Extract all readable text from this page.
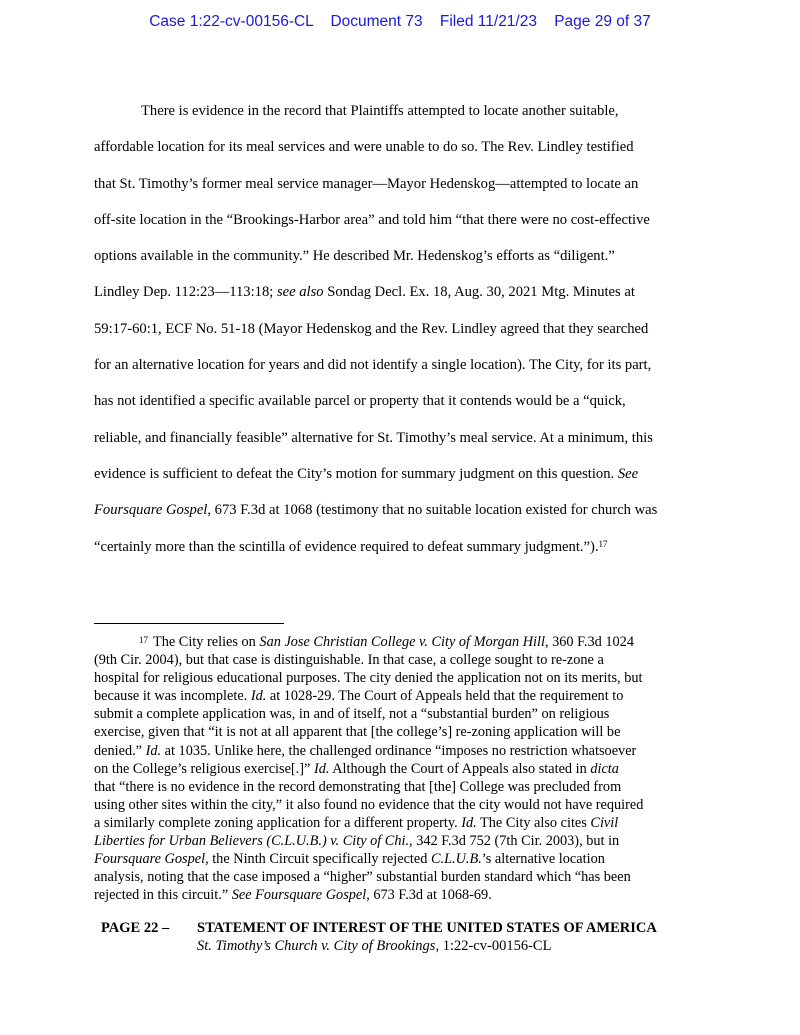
Case 1:22-cv-00156-CL Document 73 Filed 11/21/23 Page 29 of 37
There is evidence in the record that Plaintiffs attempted to locate another suitable,
affordable location for its meal services and were unable to do so. The Rev. Lindley testified
that St. Timothy’s former meal service manager—Mayor Hedenskog—attempted to locate an
off-site location in the “Brookings-Harbor area” and told him “that there were no cost-effective
options available in the community.” He described Mr. Hedenskog’s efforts as “diligent.”
Lindley Dep. 112:23—113:18; see also Sondag Decl. Ex. 18, Aug. 30, 2021 Mtg. Minutes at
59:17-60:1, ECF No. 51-18 (Mayor Hedenskog and the Rev. Lindley agreed that they searched
for an alternative location for years and did not identify a single location). The City, for its part,
has not identified a specific available parcel or property that it contends would be a “quick,
reliable, and financially feasible” alternative for St. Timothy’s meal service. At a minimum, this
evidence is sufficient to defeat the City’s motion for summary judgment on this question. See
Foursquare Gospel, 673 F.3d at 1068 (testimony that no suitable location existed for church was
“certainly more than the scintilla of evidence required to defeat summary judgment.”).$^{17}$
$^{17}$ The City relies on San Jose Christian College v. City of Morgan Hill, 360 F.3d 1024
(9th Cir. 2004), but that case is distinguishable. In that case, a college sought to re-zone a
hospital for religious educational purposes. The city denied the application not on its merits, but
because it was incomplete. Id. at 1028-29. The Court of Appeals held that the requirement to
submit a complete application was, in and of itself, not a “substantial burden” on religious
exercise, given that “it is not at all apparent that [the college’s] re-zoning application will be
denied.” Id. at 1035. Unlike here, the challenged ordinance “imposes no restriction whatsoever
on the College’s religious exercise[.]” Id. Although the Court of Appeals also stated in dicta
that “there is no evidence in the record demonstrating that [the] College was precluded from
using other sites within the city,” it also found no evidence that the city would not have required
a similarly complete zoning application for a different property. Id. The City also cites Civil
Liberties for Urban Believers (C.L.U.B.) v. City of Chi., 342 F.3d 752 (7th Cir. 2003), but in
Foursquare Gospel, the Ninth Circuit specifically rejected C.L.U.B.’s alternative location
analysis, noting that the case imposed a “higher” substantial burden standard which “has been
rejected in this circuit.” See Foursquare Gospel, 673 F.3d at 1068-69.
PAGE 22 – STATEMENT OF INTEREST OF THE UNITED STATES OF AMERICA
St. Timothy’s Church v. City of Brookings, 1:22-cv-00156-CL
